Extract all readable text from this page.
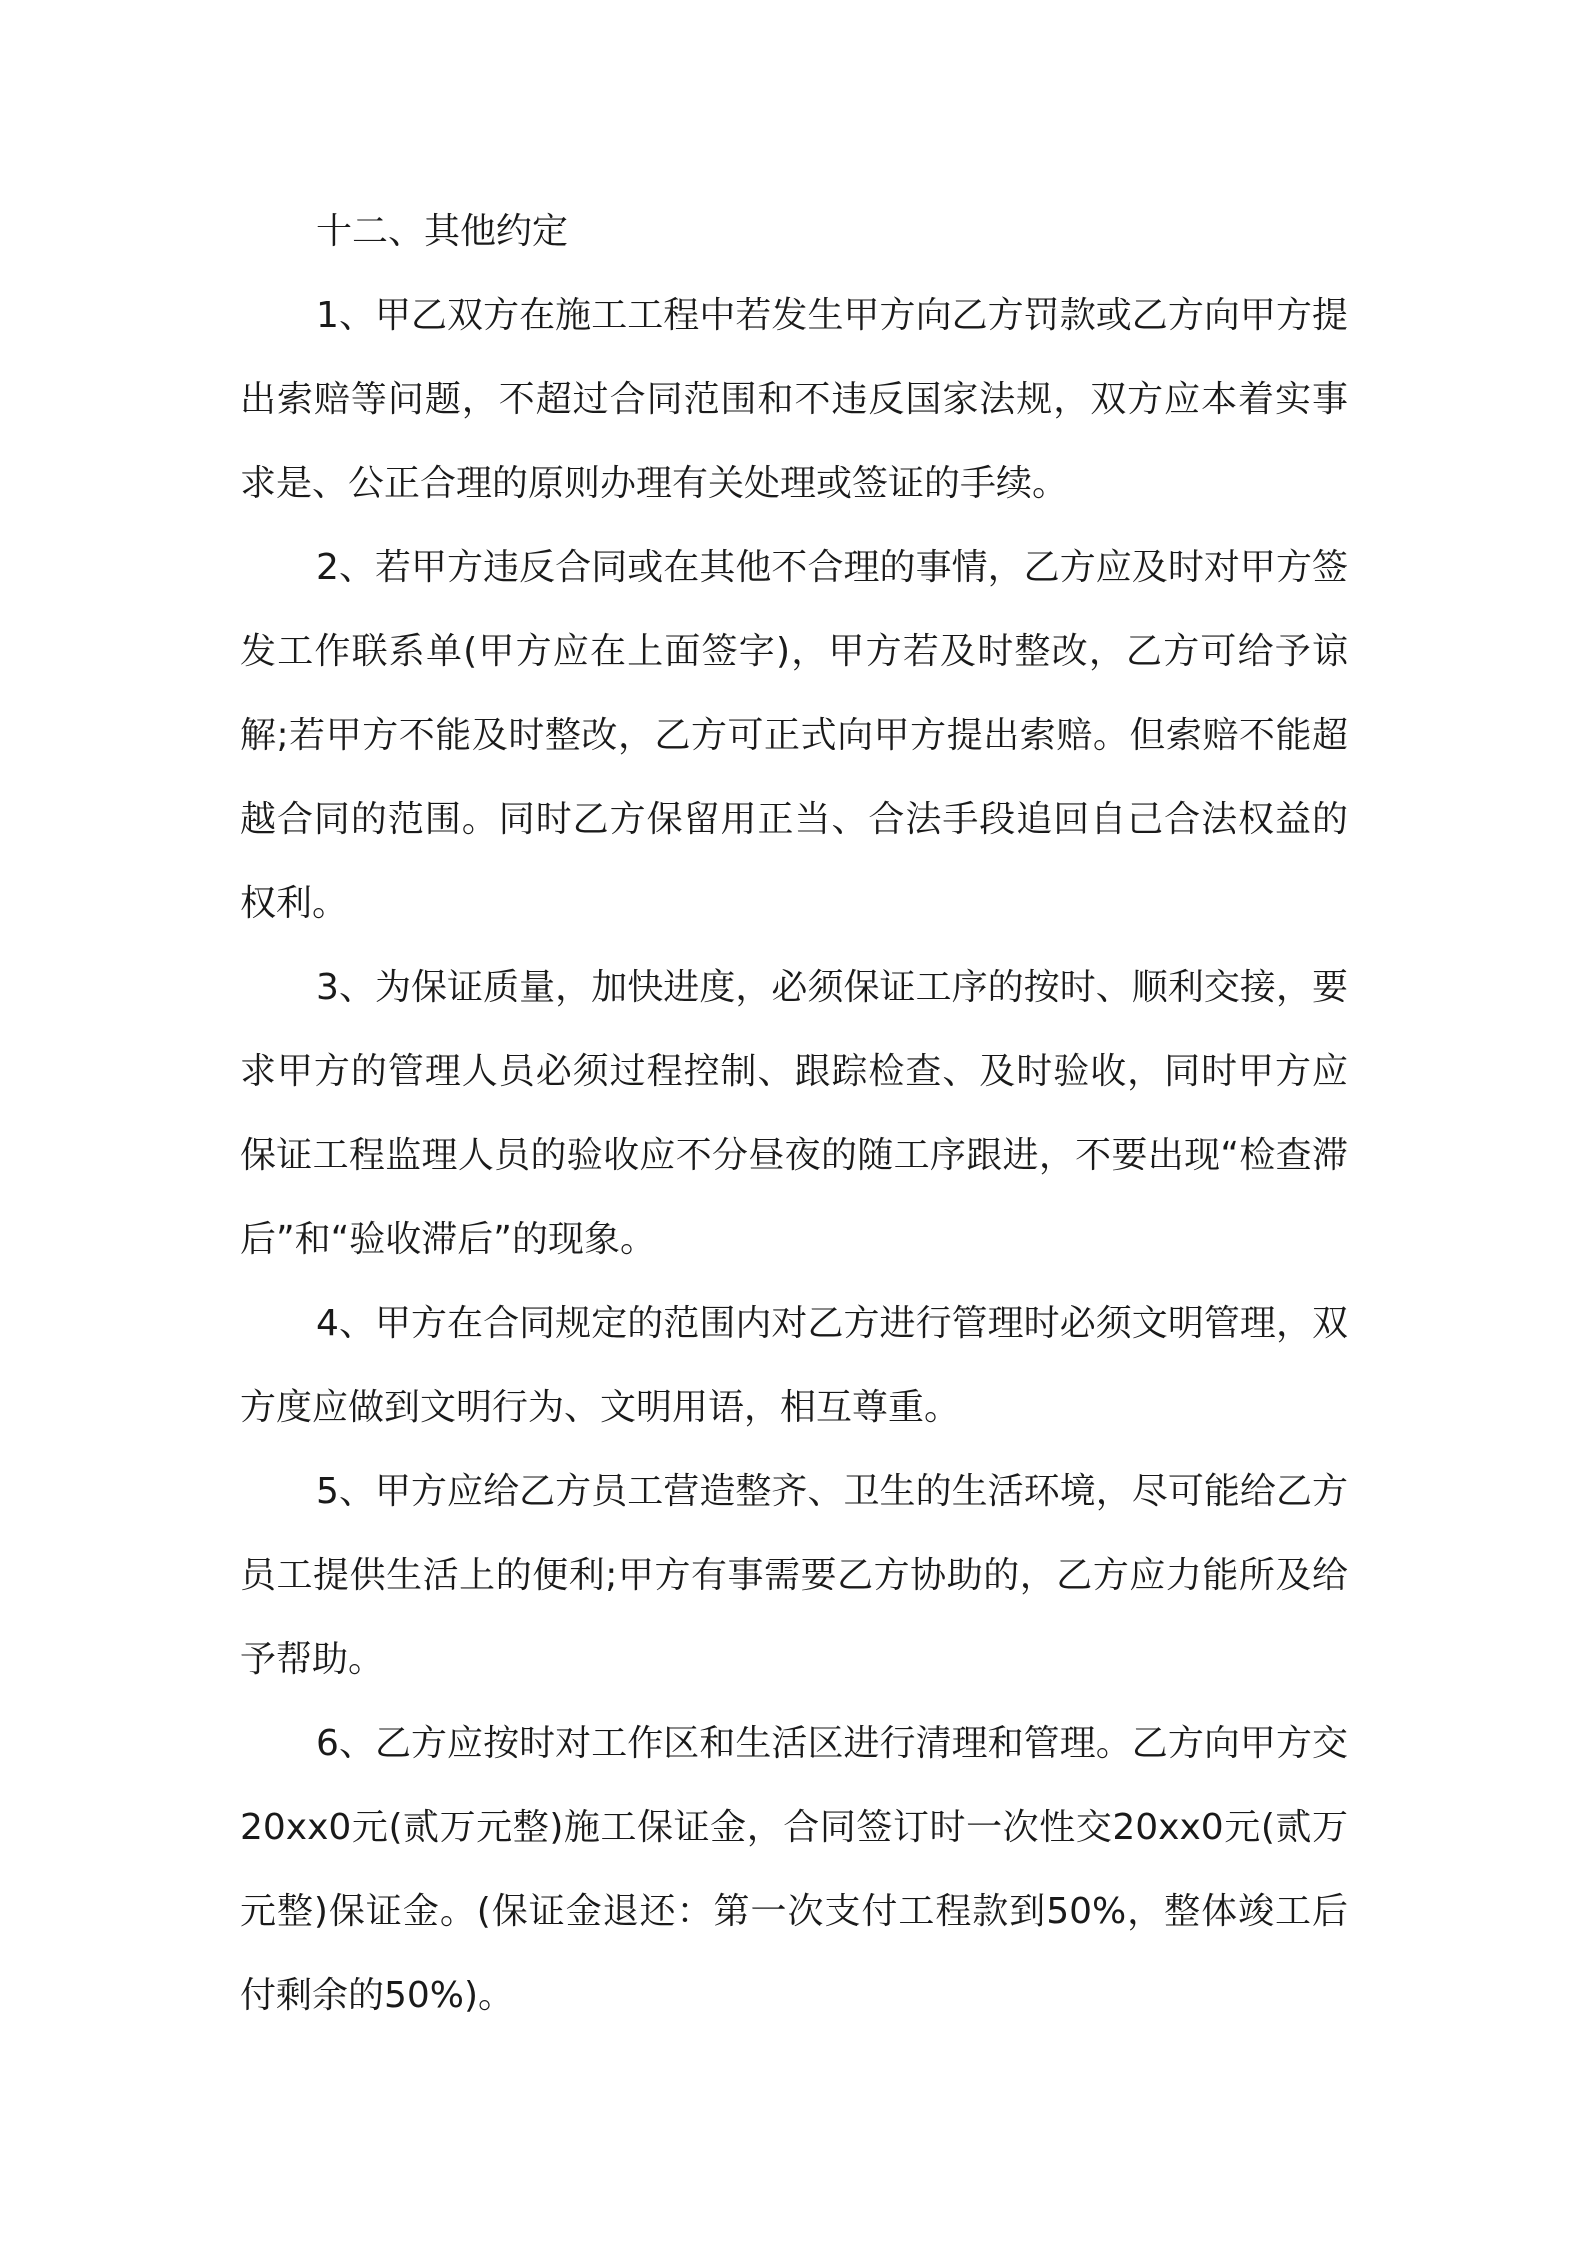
十二、其他约定

1、甲乙双方在施工工程中若发生甲方向乙方罚款或乙方向甲方提出索赔等问题，不超过合同范围和不违反国家法规，双方应本着实事求是、公正合理的原则办理有关处理或签证的手续。

2、若甲方违反合同或在其他不合理的事情，乙方应及时对甲方签发工作联系单(甲方应在上面签字)，甲方若及时整改，乙方可给予谅解;若甲方不能及时整改，乙方可正式向甲方提出索赔。但索赔不能超越合同的范围。同时乙方保留用正当、合法手段追回自己合法权益的权利。

3、为保证质量，加快进度，必须保证工序的按时、顺利交接，要求甲方的管理人员必须过程控制、跟踪检查、及时验收，同时甲方应保证工程监理人员的验收应不分昼夜的随工序跟进，不要出现“检查滞后”和“验收滞后”的现象。

4、甲方在合同规定的范围内对乙方进行管理时必须文明管理，双方度应做到文明行为、文明用语，相互尊重。

5、甲方应给乙方员工营造整齐、卫生的生活环境，尽可能给乙方员工提供生活上的便利;甲方有事需要乙方协助的，乙方应力能所及给予帮助。

6、乙方应按时对工作区和生活区进行清理和管理。乙方向甲方交20xx0元(贰万元整)施工保证金，合同签订时一次性交20xx0元(贰万元整)保证金。(保证金退还：第一次支付工程款到50%，整体竣工后付剩余的50%)。
